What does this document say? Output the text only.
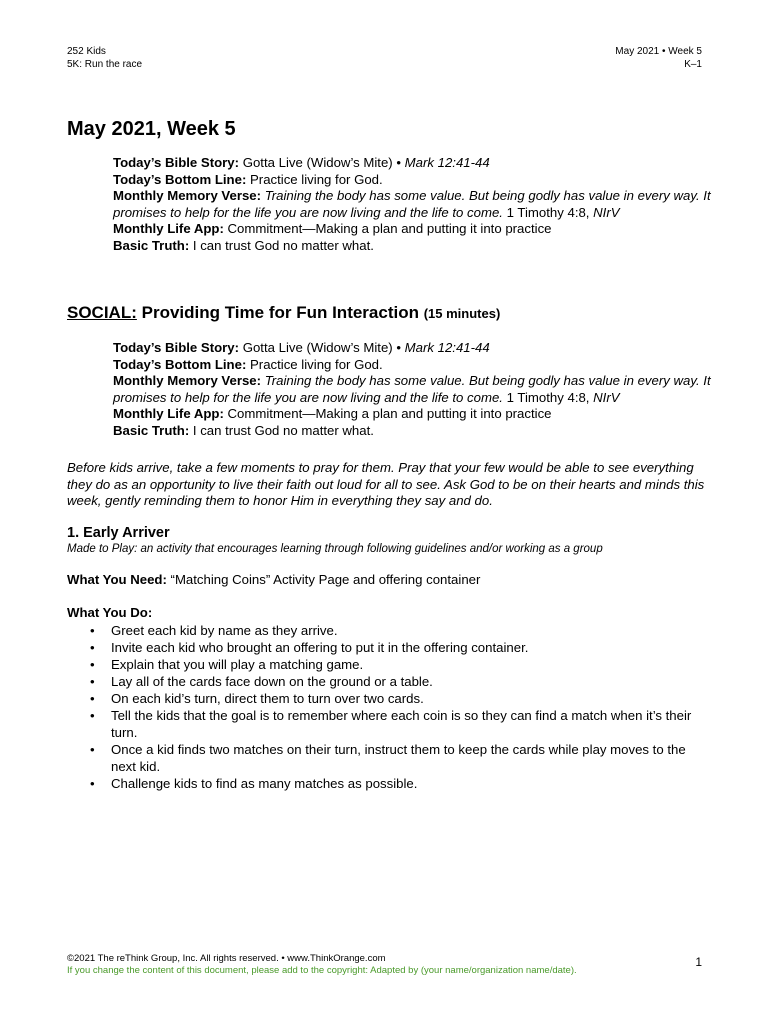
252 Kids
5K: Run the race
May 2021 • Week 5
K–1
May 2021, Week 5

Today’s Bible Story: Gotta Live (Widow’s Mite) • Mark 12:41-44

Today’s Bottom Line: Practice living for God.

Monthly Memory Verse: Training the body has some value. But being godly has value in every way. It promises to help for the life you are now living and the life to come. 1 Timothy 4:8, NIrV

Monthly Life App: Commitment—Making a plan and putting it into practice

Basic Truth: I can trust God no matter what.

SOCIAL: Providing Time for Fun Interaction (15 minutes)

Today’s Bible Story: Gotta Live (Widow’s Mite) • Mark 12:41-44

Today’s Bottom Line: Practice living for God.

Monthly Memory Verse: Training the body has some value. But being godly has value in every way. It promises to help for the life you are now living and the life to come. 1 Timothy 4:8, NIrV

Monthly Life App: Commitment—Making a plan and putting it into practice

Basic Truth: I can trust God no matter what.

Before kids arrive, take a few moments to pray for them. Pray that your few would be able to see everything they do as an opportunity to live their faith out loud for all to see. Ask God to be on their hearts and minds this week, gently reminding them to honor Him in everything they say and do.

1. Early Arriver

Made to Play: an activity that encourages learning through following guidelines and/or working as a group

What You Need: “Matching Coins” Activity Page and offering container

What You Do:

• Greet each kid by name as they arrive.
• Invite each kid who brought an offering to put it in the offering container.
• Explain that you will play a matching game.
• Lay all of the cards face down on the ground or a table.
• On each kid’s turn, direct them to turn over two cards.
• Tell the kids that the goal is to remember where each coin is so they can find a match when it’s their turn.
• Once a kid finds two matches on their turn, instruct them to keep the cards while play moves to the next kid.
• Challenge kids to find as many matches as possible.
©2021 The reThink Group, Inc. All rights reserved. • www.ThinkOrange.com
If you change the content of this document, please add to the copyright: Adapted by (your name/organization name/date).
1
